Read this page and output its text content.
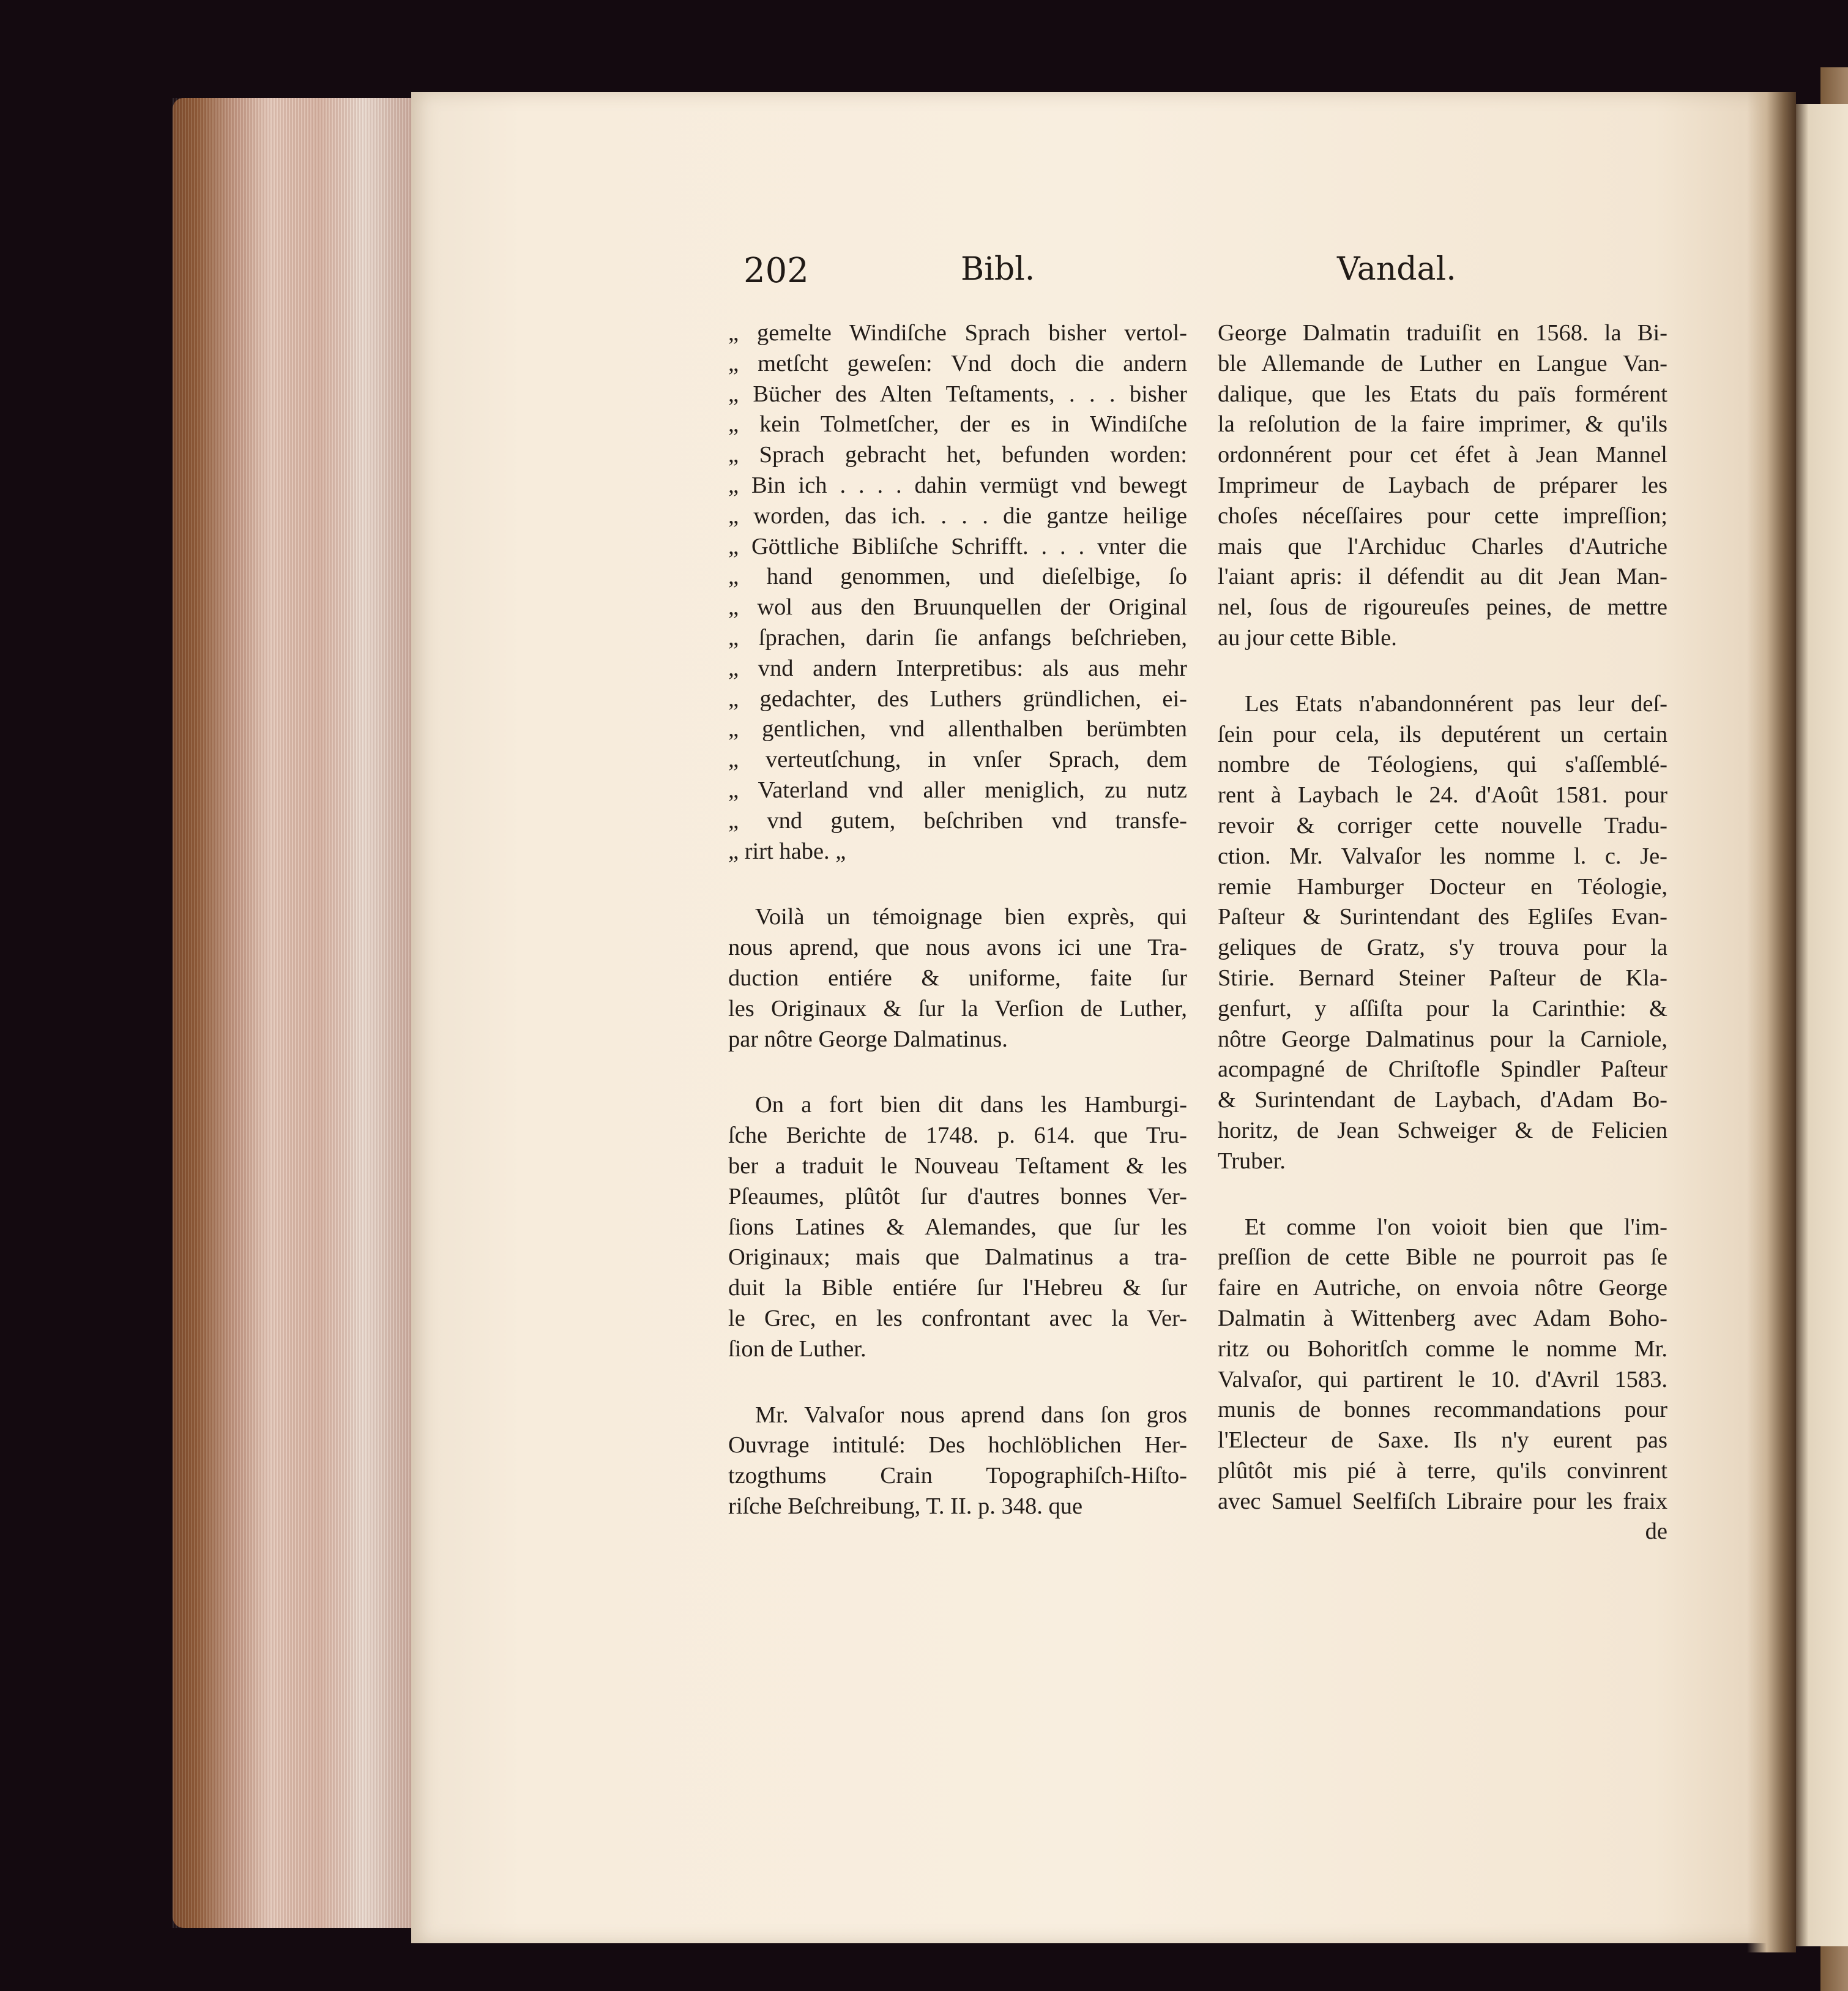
202	Bibl.	Vandal.
„ gemelte Windiſche Sprach bisher vertol-
„ metſcht geweſen: Vnd doch die andern
„ Bücher des Alten Teſtaments, . . . bisher
„ kein Tolmetſcher, der es in Windiſche
„ Sprach gebracht het, befunden worden:
„ Bin ich . . . . dahin vermügt vnd bewegt
„ worden, das ich. . . . die gantze heilige
„ Göttliche Bibliſche Schrifft. . . . vnter die
„ hand genommen, und dieſelbige, ſo
„ wol aus den Bruunquellen der Original
„ ſprachen, darin ſie anfangs beſchrieben,
„ vnd andern Interpretibus: als aus mehr
„ gedachter, des Luthers gründlichen, ei-
„ gentlichen, vnd allenthalben berümbten
„ verteutſchung, in vnſer Sprach, dem
„ Vaterland vnd aller meniglich, zu nutz
„ vnd gutem, beſchriben vnd transfe-
„ rirt habe. „
Voilà un témoignage bien exprès, qui
nous aprend, que nous avons ici une Tra-
duction entiére & uniforme, faite ſur
les Originaux & ſur la Verſion de Luther,
par nôtre George Dalmatinus.
On a fort bien dit dans les Hamburgi-
ſche Berichte de 1748. p. 614. que Tru-
ber a traduit le Nouveau Teſtament & les
Pſeaumes, plûtôt ſur d'autres bonnes Ver-
ſions Latines & Alemandes, que ſur les
Originaux; mais que Dalmatinus a tra-
duit la Bible entiére ſur l'Hebreu & ſur
le Grec, en les confrontant avec la Ver-
ſion de Luther.
Mr. Valvaſor nous aprend dans ſon gros
Ouvrage intitulé: Des hochlöblichen Her-
tzogthums Crain Topographiſch-Hiſto-
riſche Beſchreibung, T. II. p. 348. que
George Dalmatin traduiſit en 1568. la Bi-
ble Allemande de Luther en Langue Van-
dalique, que les Etats du païs formérent
la reſolution de la faire imprimer, & qu'ils
ordonnérent pour cet éfet à Jean Mannel
Imprimeur de Laybach de préparer les
choſes néceſſaires pour cette impreſſion;
mais que l'Archiduc Charles d'Autriche
l'aiant apris: il défendit au dit Jean Man-
nel, ſous de rigoureuſes peines, de mettre
au jour cette Bible.
Les Etats n'abandonnérent pas leur deſ-
ſein pour cela, ils deputérent un certain
nombre de Téologiens, qui s'aſſemblé-
rent à Laybach le 24. d'Août 1581. pour
revoir & corriger cette nouvelle Tradu-
ction. Mr. Valvaſor les nomme l. c. Je-
remie Hamburger Docteur en Téologie,
Paſteur & Surintendant des Egliſes Evan-
geliques de Gratz, s'y trouva pour la
Stirie. Bernard Steiner Paſteur de Kla-
genfurt, y aſſiſta pour la Carinthie: &
nôtre George Dalmatinus pour la Carniole,
acompagné de Chriſtofle Spindler Paſteur
& Surintendant de Laybach, d'Adam Bo-
horitz, de Jean Schweiger & de Felicien
Truber.
Et comme l'on voioit bien que l'im-
preſſion de cette Bible ne pourroit pas ſe
faire en Autriche, on envoia nôtre George
Dalmatin à Wittenberg avec Adam Boho-
ritz ou Bohoritſch comme le nomme Mr.
Valvaſor, qui partirent le 10. d'Avril 1583.
munis de bonnes recommandations pour
l'Electeur de Saxe. Ils n'y eurent pas
plûtôt mis pié à terre, qu'ils convinrent
avec Samuel Seelfiſch Libraire pour les fraix
de
